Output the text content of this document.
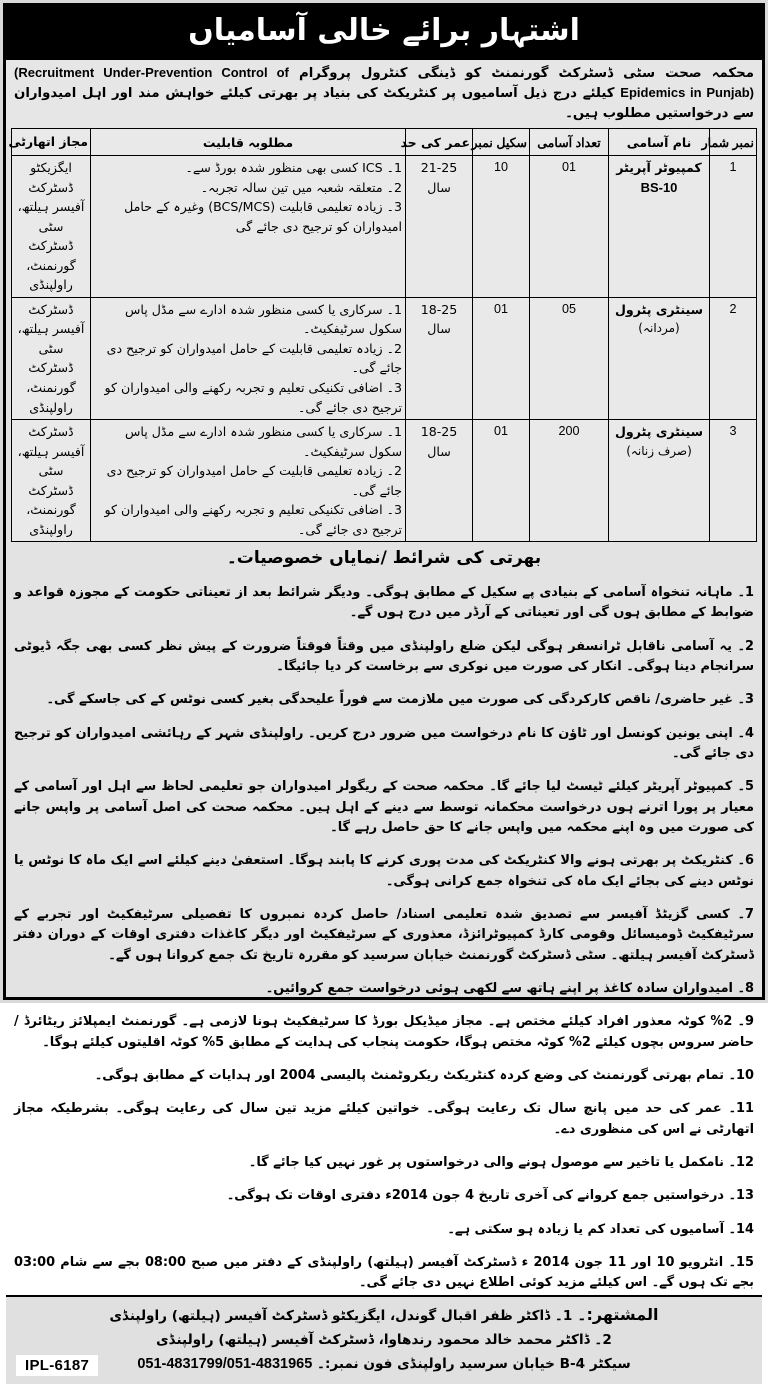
اشتہار برائے خالی آسامیاں
محکمہ صحت سٹی ڈسٹرکٹ گورنمنٹ کو ڈینگی کنٹرول پروگرام (Recruitment Under-Prevention Control of Epidemics in Punjab) کیلئے درج ذیل آسامیوں پر کنٹریکٹ کی بنیاد پر بھرتی کیلئے خواہش مند اور اہل امیدواران سے درخواستیں مطلوب ہیں۔
نمبر شمار	نام آسامی	تعداد آسامی	سکیل نمبر	عمر کی حد	مطلوبہ قابلیت	مجاز اتھارٹی
1	کمپیوٹر آپریٹر
BS-10	01	10	21-25 سال	1۔ ICS کسی بھی منظور شدہ بورڈ سے۔
2۔ متعلقہ شعبہ میں تین سالہ تجربہ۔
3۔ زیادہ تعلیمی قابلیت (BCS/MCS) وغیرہ کے حامل امیدواران کو ترجیح دی جائے گی	ایگزیکٹو ڈسٹرکٹ آفیسر ہیلتھ، سٹی ڈسٹرکٹ گورنمنٹ، راولپنڈی
2	سینٹری پٹرول
(مردانہ)	05	01	18-25 سال	1۔ سرکاری یا کسی منظور شدہ ادارے سے مڈل پاس سکول سرٹیفکیٹ۔
2۔ زیادہ تعلیمی قابلیت کے حامل امیدواران کو ترجیح دی جائے گی۔
3۔ اضافی تکنیکی تعلیم و تجربہ رکھنے والی امیدواران کو ترجیح دی جائے گی۔	ڈسٹرکٹ آفیسر ہیلتھ، سٹی ڈسٹرکٹ گورنمنٹ، راولپنڈی
3	سینٹری پٹرول
(صرف زنانہ)	200	01	18-25 سال	1۔ سرکاری یا کسی منظور شدہ ادارے سے مڈل پاس سکول سرٹیفکیٹ۔
2۔ زیادہ تعلیمی قابلیت کے حامل امیدواران کو ترجیح دی جائے گی۔
3۔ اضافی تکنیکی تعلیم و تجربہ رکھنے والی امیدواران کو ترجیح دی جائے گی۔	ڈسٹرکٹ آفیسر ہیلتھ، سٹی ڈسٹرکٹ گورنمنٹ، راولپنڈی
بھرتی کی شرائط /نمایاں خصوصیات۔

1۔ ماہانہ تنخواہ آسامی کے بنیادی پے سکیل کے مطابق ہوگی۔ ودیگر شرائط بعد از تعیناتی حکومت کے مجوزہ قواعد و ضوابط کے مطابق ہوں گی اور تعیناتی کے آرڈر میں درج ہوں گے۔

2۔ یہ آسامی ناقابل ٹرانسفر ہوگی لیکن ضلع راولپنڈی میں وقتاً فوقتاً ضرورت کے پیش نظر کسی بھی جگہ ڈیوٹی سرانجام دینا ہوگی۔ انکار کی صورت میں نوکری سے برخاست کر دیا جائیگا۔

3۔ غیر حاضری/ ناقص کارکردگی کی صورت میں ملازمت سے فوراً علیحدگی بغیر کسی نوٹس کے کی جاسکے گی۔

4۔ اپنی یونین کونسل اور ٹاؤن کا نام درخواست میں ضرور درج کریں۔ راولپنڈی شہر کے رہائشی امیدواران کو ترجیح دی جائے گی۔

5۔ کمپیوٹر آپریٹر کیلئے ٹیسٹ لیا جائے گا۔ محکمہ صحت کے ریگولر امیدواران جو تعلیمی لحاظ سے اہل اور آسامی کے معیار پر پورا اترنے ہوں درخواست محکمانہ توسط سے دینے کے اہل ہیں۔ محکمہ صحت کی اصل آسامی پر واپس جانے کی صورت میں وہ اپنے محکمہ میں واپس جانے کا حق حاصل رہے گا۔

6۔ کنٹریکٹ پر بھرتی ہونے والا کنٹریکٹ کی مدت پوری کرنے کا پابند ہوگا۔ استعفیٰ دینے کیلئے اسے ایک ماہ کا نوٹس یا نوٹس دینے کی بجائے ایک ماہ کی تنخواہ جمع کرانی ہوگی۔

7۔ کسی گزیٹڈ آفیسر سے تصدیق شدہ تعلیمی اسناد/ حاصل کردہ نمبروں کا تفصیلی سرٹیفکیٹ اور تجربے کے سرٹیفکیٹ ڈومیسائل وقومی کارڈ کمپیوٹرائزڈ، معذوری کے سرٹیفکیٹ اور دیگر کاغذات دفتری اوقات کے دوران دفتر ڈسٹرکٹ آفیسر ہیلتھ۔ سٹی ڈسٹرکٹ گورنمنٹ خیابان سرسید کو مقررہ تاریخ تک جمع کروانا ہوں گے۔

8۔ امیدواران سادہ کاغذ پر اپنے ہاتھ سے لکھی ہوئی درخواست جمع کروائیں۔

9۔ 2% کوٹہ معذور افراد کیلئے مختص ہے۔ مجاز میڈیکل بورڈ کا سرٹیفکیٹ ہونا لازمی ہے۔ گورنمنٹ ایمپلائز ریٹائرڈ /حاضر سروس بچوں کیلئے 2% کوٹہ مختص ہوگا، حکومت پنجاب کی ہدایت کے مطابق 5% کوٹہ اقلیتوں کیلئے ہوگا۔

10۔ تمام بھرتی گورنمنٹ کی وضع کردہ کنٹریکٹ ریکروٹمنٹ پالیسی 2004 اور ہدایات کے مطابق ہوگی۔

11۔ عمر کی حد میں پانچ سال تک رعایت ہوگی۔ خواتین کیلئے مزید تین سال کی رعایت ہوگی۔ بشرطیکہ مجاز اتھارٹی نے اس کی منظوری دے۔

12۔ نامکمل یا تاخیر سے موصول ہونے والی درخواستوں پر غور نہیں کیا جائے گا۔

13۔ درخواستیں جمع کروانے کی آخری تاریخ 4 جون 2014ء دفتری اوقات تک ہوگی۔

14۔ آسامیوں کی تعداد کم یا زیادہ ہو سکتی ہے۔

15۔ انٹرویو 10 اور 11 جون 2014 ء ڈسٹرکٹ آفیسر (ہیلتھ) راولپنڈی کے دفتر میں صبح 08:00 بجے سے شام 03:00 بجے تک ہوں گے۔ اس کیلئے مزید کوئی اطلاع نہیں دی جائے گی۔

المشتھر:۔ 1۔ ڈاکٹر ظفر اقبال گوندل، ایگزیکٹو ڈسٹرکٹ آفیسر (ہیلتھ) راولپنڈی
2۔ ڈاکٹر محمد خالد محمود رندھاوا، ڈسٹرکٹ آفیسر (ہیلتھ) راولپنڈی
سیکٹر B-4 خیابان سرسید راولپنڈی فون نمبر:۔ 051-4831799/051-4831965
IPL-6187
